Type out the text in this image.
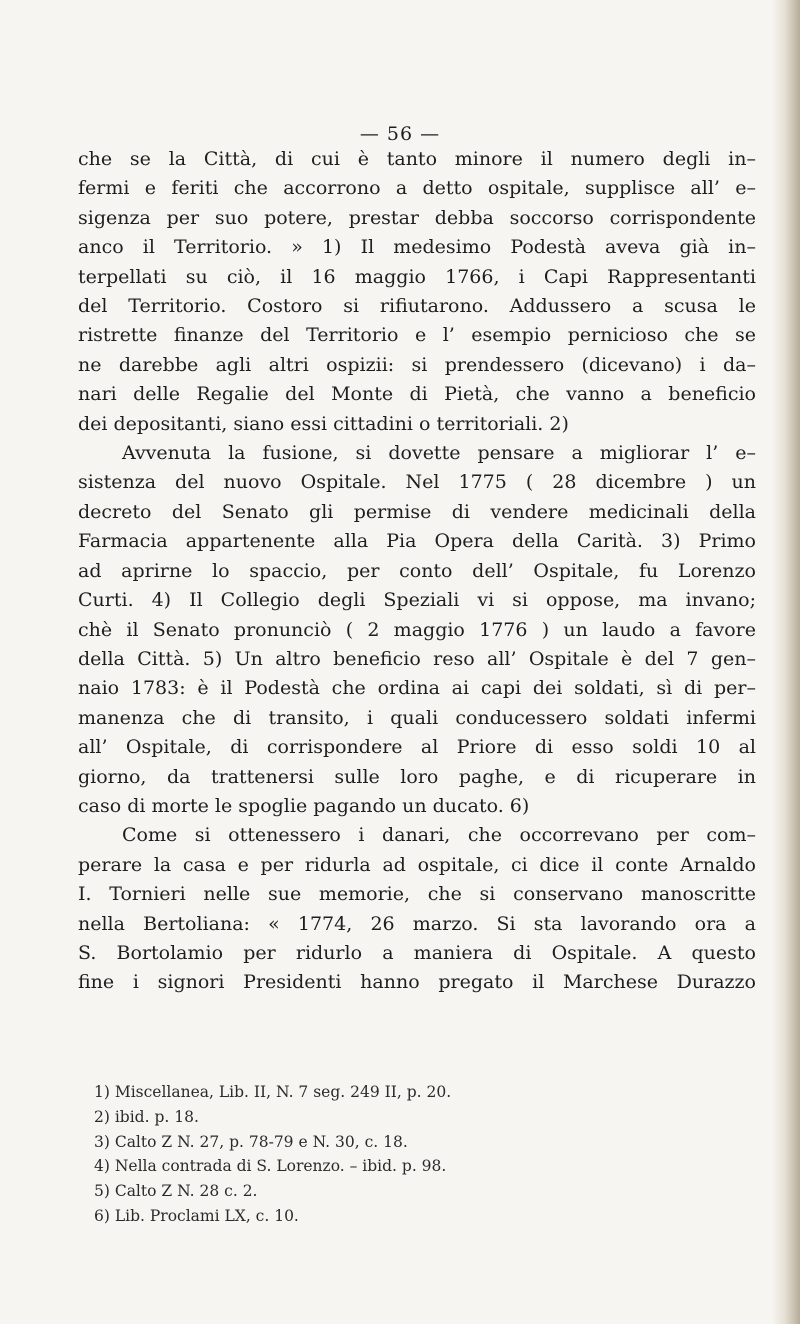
— 56 —
che se la Città, di cui è tanto minore il numero degli in–
fermi e feriti che accorrono a detto ospitale, supplisce all’ e–
sigenza per suo potere, prestar debba soccorso corrispondente
anco il Territorio. » 1) Il medesimo Podestà aveva già in–
terpellati su ciò, il 16 maggio 1766, i Capi Rappresentanti
del Territorio. Costoro si rifiutarono. Addussero a scusa le
ristrette finanze del Territorio e l’ esempio pernicioso che se
ne darebbe agli altri ospizii: si prendessero (dicevano) i da–
nari delle Regalie del Monte di Pietà, che vanno a beneficio
dei depositanti, siano essi cittadini o territoriali. 2)
Avvenuta la fusione, si dovette pensare a migliorar l’ e–
sistenza del nuovo Ospitale. Nel 1775 ( 28 dicembre ) un
decreto del Senato gli permise di vendere medicinali della
Farmacia appartenente alla Pia Opera della Carità. 3) Primo
ad aprirne lo spaccio, per conto dell’ Ospitale, fu Lorenzo
Curti. 4) Il Collegio degli Speziali vi si oppose, ma invano;
chè il Senato pronunciò ( 2 maggio 1776 ) un laudo a favore
della Città. 5) Un altro beneficio reso all’ Ospitale è del 7 gen–
naio 1783: è il Podestà che ordina ai capi dei soldati, sì di per–
manenza che di transito, i quali conducessero soldati infermi
all’ Ospitale, di corrispondere al Priore di esso soldi 10 al
giorno, da trattenersi sulle loro paghe, e di ricuperare in
caso di morte le spoglie pagando un ducato. 6)
Come si ottenessero i danari, che occorrevano per com–
perare la casa e per ridurla ad ospitale, ci dice il conte Arnaldo
I. Tornieri nelle sue memorie, che si conservano manoscritte
nella Bertoliana: « 1774, 26 marzo. Si sta lavorando ora a
S. Bortolamio per ridurlo a maniera di Ospitale. A questo
fine i signori Presidenti hanno pregato il Marchese Durazzo
1) Miscellanea, Lib. II, N. 7 seg. 249 II, p. 20.
2) ibid. p. 18.
3) Calto Z N. 27, p. 78-79 e N. 30, c. 18.
4) Nella contrada di S. Lorenzo. – ibid. p. 98.
5) Calto Z N. 28 c. 2.
6) Lib. Proclami LX, c. 10.
